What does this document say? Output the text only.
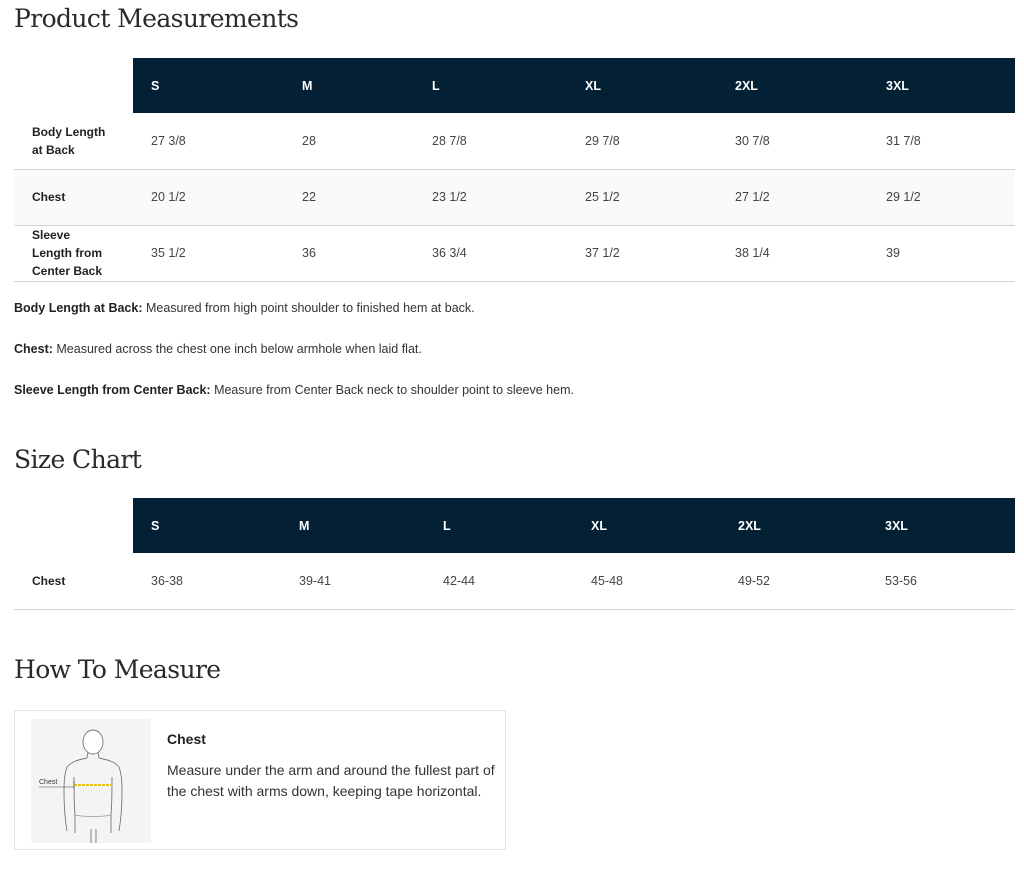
Product Measurements
	S	M	L	XL	2XL	3XL
Body Length
at Back	27 3/8	28	28 7/8	29 7/8	30 7/8	31 7/8
Chest	20 1/2	22	23 1/2	25 1/2	27 1/2	29 1/2
Sleeve
Length from
Center Back	35 1/2	36	36 3/4	37 1/2	38 1/4	39
Body Length at Back: Measured from high point shoulder to finished hem at back.
Chest: Measured across the chest one inch below armhole when laid flat.
Sleeve Length from Center Back: Measure from Center Back neck to shoulder point to sleeve hem.
Size Chart
	S	M	L	XL	2XL	3XL
Chest	36-38	39-41	42-44	45-48	49-52	53-56
How To Measure
Chest
Chest
Measure under the arm and around the fullest part of the chest with arms down, keeping tape horizontal.
